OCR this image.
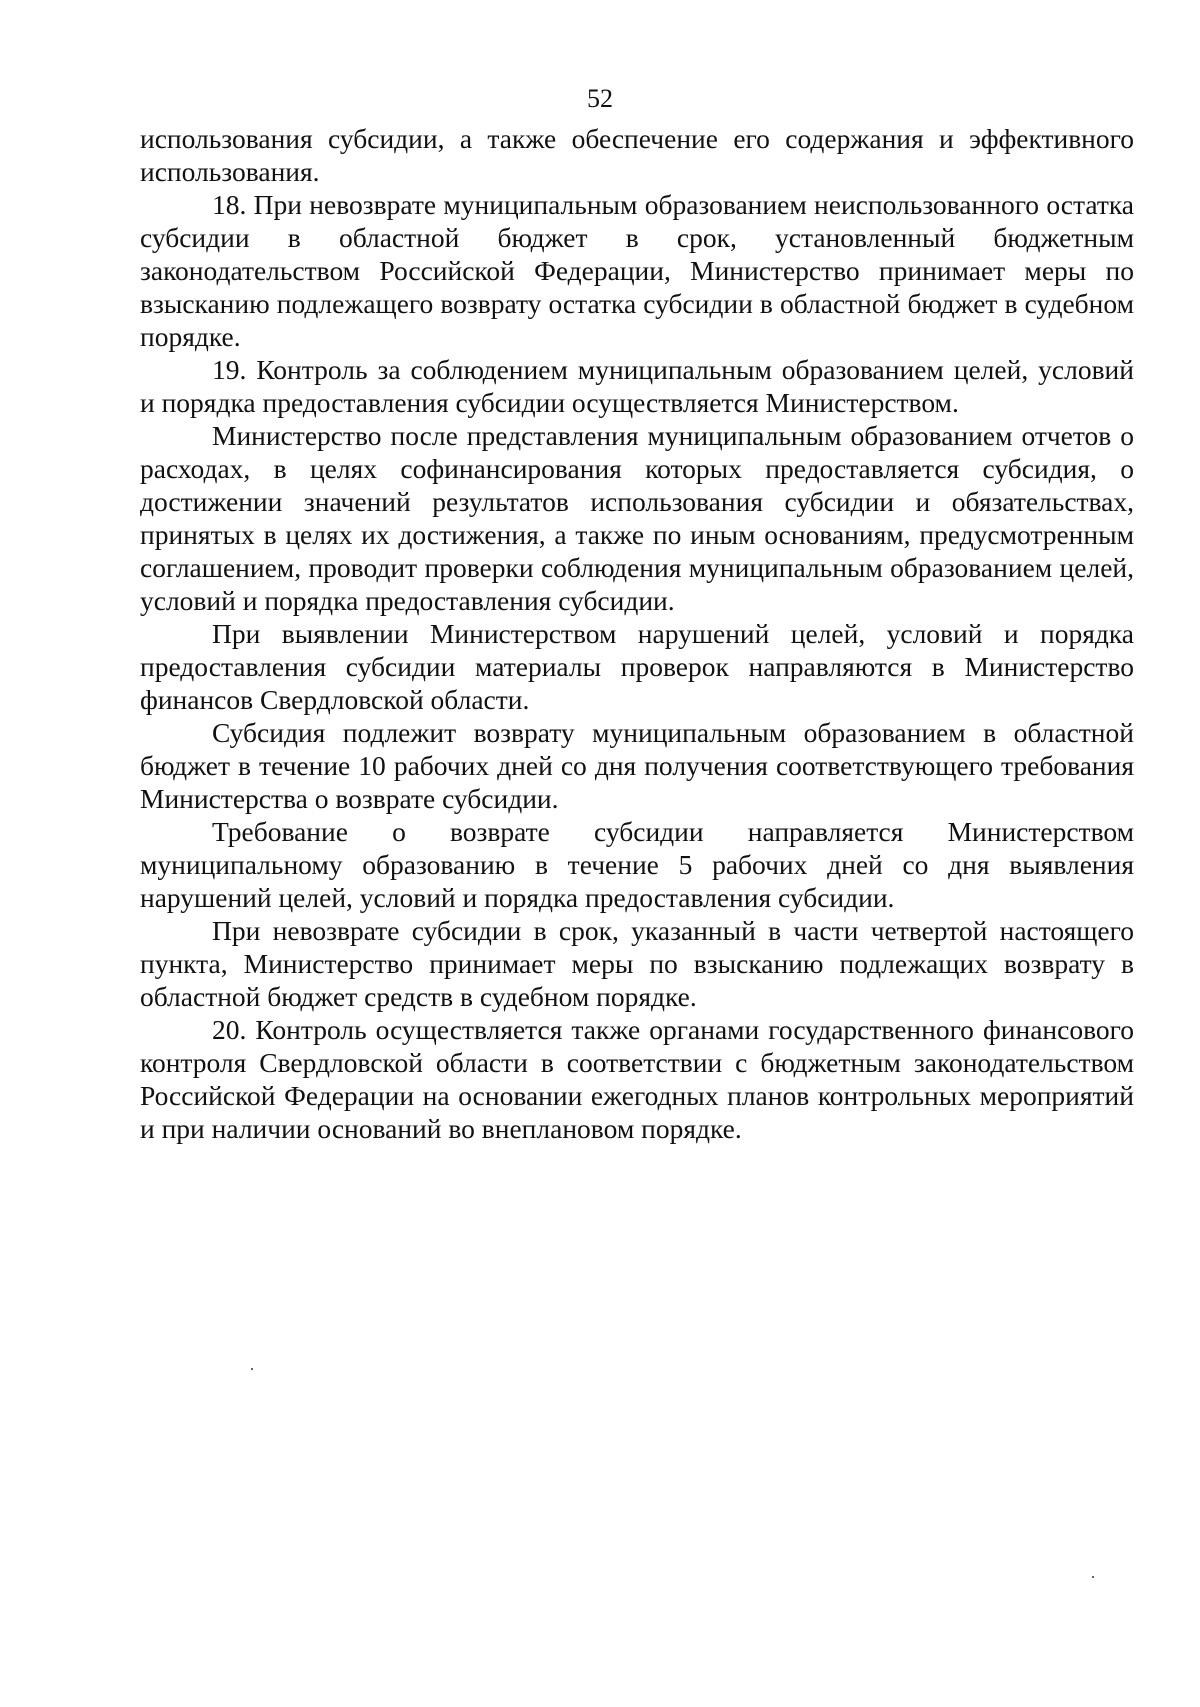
52

использования субсидии, а также обеспечение его содержания и эффективного использования.

18. При невозврате муниципальным образованием неиспользованного остатка субсидии в областной бюджет в срок, установленный бюджетным законодательством Российской Федерации, Министерство принимает меры по взысканию подлежащего возврату остатка субсидии в областной бюджет в судебном порядке.

19. Контроль за соблюдением муниципальным образованием целей, условий и порядка предоставления субсидии осуществляется Министерством.

Министерство после представления муниципальным образованием отчетов о расходах, в целях софинансирования которых предоставляется субсидия, о достижении значений результатов использования субсидии и обязательствах, принятых в целях их достижения, а также по иным основаниям, предусмотренным соглашением, проводит проверки соблюдения муниципальным образованием целей, условий и порядка предоставления субсидии.

При выявлении Министерством нарушений целей, условий и порядка предоставления субсидии материалы проверок направляются в Министерство финансов Свердловской области.

Субсидия подлежит возврату муниципальным образованием в областной бюджет в течение 10 рабочих дней со дня получения соответствующего требования Министерства о возврате субсидии.

Требование о возврате субсидии направляется Министерством муниципальному образованию в течение 5 рабочих дней со дня выявления нарушений целей, условий и порядка предоставления субсидии.

При невозврате субсидии в срок, указанный в части четвертой настоящего пункта, Министерство принимает меры по взысканию подлежащих возврату в областной бюджет средств в судебном порядке.

20. Контроль осуществляется также органами государственного финансового контроля Свердловской области в соответствии с бюджетным законодательством Российской Федерации на основании ежегодных планов контрольных мероприятий и при наличии оснований во внеплановом порядке.
